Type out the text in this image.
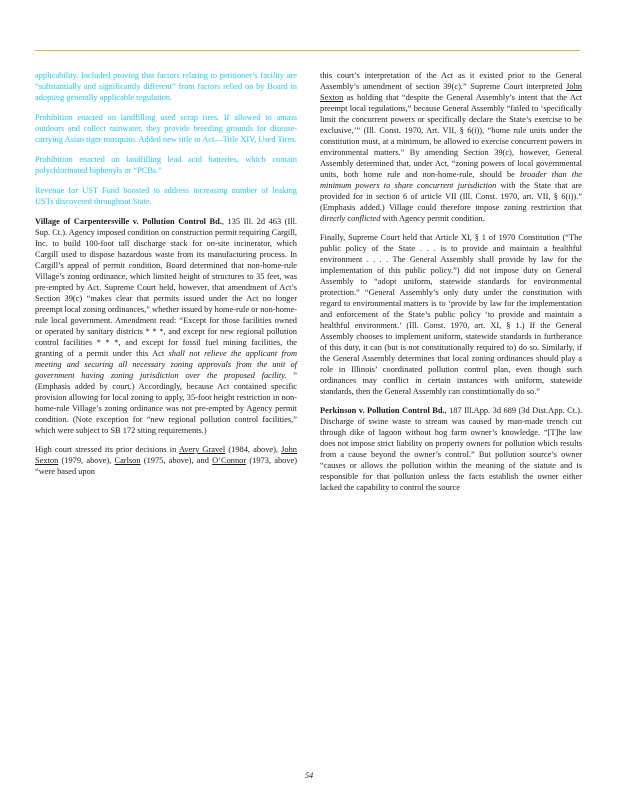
applicability. Included proving that factors relating to petitioner’s facility are “substantially and significantly different” from factors relied on by Board in adopting generally applicable regulation.

Prohibition enacted on landfilling used scrap tires. If allowed to amass outdoors and collect rainwater, they provide breeding grounds for disease-carrying Asian tiger mosquito. Added new title to Act—Title XIV, Used Tires.

Prohibition enacted on landfilling lead acid batteries, which contain polychlorinated biphenyls or “PCBs.”

Revenue for UST Fund boosted to address increasing number of leaking USTs discovered throughout State.

Village of Carpentersville v. Pollution Control Bd., 135 Ill. 2d 463 (Ill. Sup. Ct.). Agency imposed condition on construction permit requiring Cargill, Inc. to build 100-foot tall discharge stack for on-site incinerator, which Cargill used to dispose hazardous waste from its manufacturing process. In Cargill’s appeal of permit condition, Board determined that non-home-rule Village’s zoning ordinance, which limited height of structures to 35 feet, was pre-empted by Act. Supreme Court held, however, that amendment of Act’s Section 39(c) “makes clear that permits issued under the Act no longer preempt local zoning ordinances,” whether issued by home-rule or non-home-rule local government. Amendment read: “Except for those facilities owned or operated by sanitary districts * * *, and except for new regional pollution control facilities * * *, and except for fossil fuel mining facilities, the granting of a permit under this Act shall not relieve the applicant from meeting and securing all necessary zoning approvals from the unit of government having zoning jurisdiction over the proposed facility. ” (Emphasis added by court.) Accordingly, because Act contained specific provision allowing for local zoning to apply, 35-foot height restriction in non-home-rule Village’s zoning ordinance was not pre-empted by Agency permit condition. (Note exception for “new regional pollution control facilities,” which were subject to SB 172 siting requirements.)

High court stressed its prior decisions in Avery Gravel (1984, above), John Sexton (1979, above), Carlson (1975, above), and O’Connor (1973, above) “were based upon

this court’s interpretation of the Act as it existed prior to the General Assembly’s amendment of section 39(c).” Supreme Court interpreted John Sexton as holding that “despite the General Assembly’s intent that the Act preempt local regulations,” because General Assembly “failed to ‘specifically limit the concurrent powers or specifically declare the State’s exercise to be exclusive,’” (Ill. Const. 1970, Art. VII, § 6(i)), “home rule units under the constitution must, at a minimum, be allowed to exercise concurrent powers in environmental matters.” By amending Section 39(c), however, General Assembly determined that, under Act, “zoning powers of local governmental units, both home rule and non-home-rule, should be broader than the minimum powers to share concurrent jurisdiction with the State that are provided for in section 6 of article VII (Ill. Const. 1970, art. VII, § 6(i)).” (Emphasis added.) Village could therefore impose zoning restriction that directly conflicted with Agency permit condition.

Finally, Supreme Court held that Article XI, § 1 of 1970 Constitution (“The public policy of the State . . . is to provide and maintain a healthful environment . . . . The General Assembly shall provide by law for the implementation of this public policy.”) did not impose duty on General Assembly to “adopt uniform, statewide standards for environmental protection.” “General Assembly’s only duty under the constitution with regard to environmental matters is to ‘provide by law for the implementation and enforcement of the State’s public policy ‘to provide and maintain a healthful environment.’ (Ill. Const. 1970, art. XI, § 1.) If the General Assembly chooses to implement uniform, statewide standards in furtherance of this duty, it can (but is not constitutionally required to) do so. Similarly, if the General Assembly determines that local zoning ordinances should play a role in Illinois’ coordinated pollution control plan, even though such ordinances may conflict in certain instances with uniform, statewide standards, then the General Assembly can constitutionally do so.”

Perkinson v. Pollution Control Bd., 187 Ill.App. 3d 689 (3d Dist.App. Ct.). Discharge of swine waste to stream was caused by man-made trench cut through dike of lagoon without hog farm owner’s knowledge. “[T]he law does not impose strict liability on property owners for pollution which results from a cause beyond the owner’s control.” But pollution source’s owner “causes or allows the pollution within the meaning of the statute and is responsible for that pollution unless the facts establish the owner either lacked the capability to control the source

54
